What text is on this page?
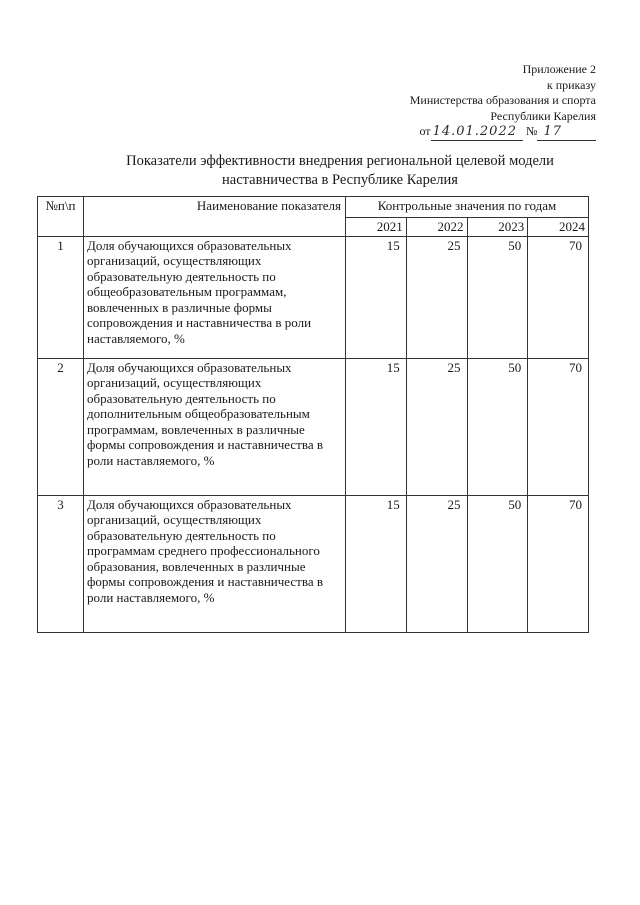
Приложение 2
к приказу
Министерства образования и спорта
Республики Карелия
от 14.01.2022 № 17
Показатели эффективности внедрения региональной целевой модели
наставничества в Республике Карелия
№п\п	Наименование показателя	Контрольные значения по годам			
		2021	2022	2023	2024
1	Доля обучающихся образовательных организаций, осуществляющих образовательную деятельность по общеобразовательным программам, вовлеченных в различные формы сопровождения и наставничества в роли наставляемого, %	15	25	50	70
2	Доля обучающихся образовательных организаций, осуществляющих образовательную деятельность по дополнительным общеобразовательным программам, вовлеченных в различные формы сопровождения и наставничества в роли наставляемого, %	15	25	50	70
3	Доля обучающихся образовательных организаций, осуществляющих образовательную деятельность по программам среднего профессионального образования, вовлеченных в различные формы сопровождения и наставничества в роли наставляемого, %	15	25	50	70
